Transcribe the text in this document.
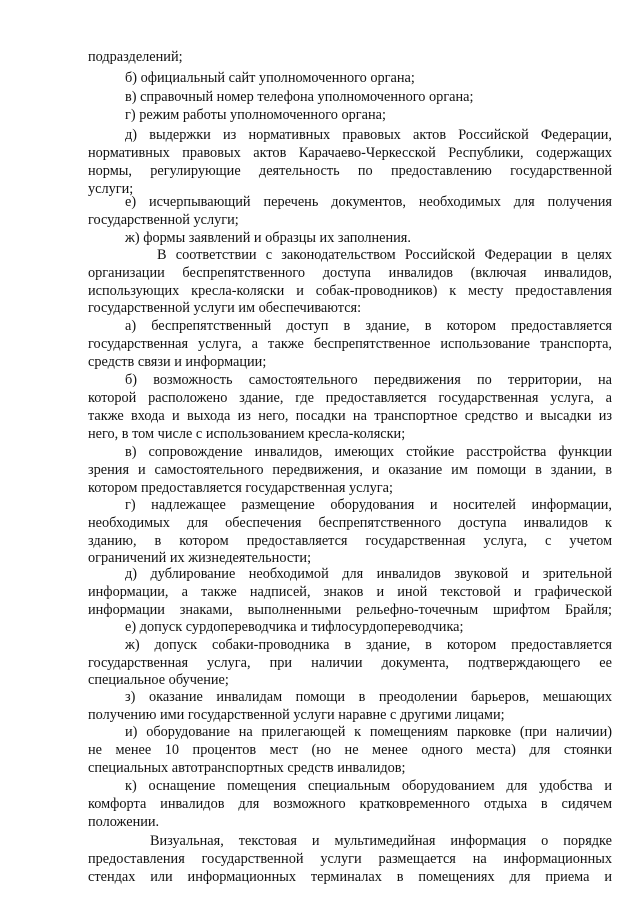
подразделений;
б) официальный сайт уполномоченного органа;
в) справочный номер телефона уполномоченного органа;
г) режим работы уполномоченного органа;
д) выдержки из нормативных правовых актов Российской Федерации,
нормативных правовых актов Карачаево-Черкесской Республики, содержащих
нормы, регулирующие деятельность по предоставлению государственной
услуги;
е) исчерпывающий перечень документов, необходимых для получения
государственной услуги;
ж) формы заявлений и образцы их заполнения.
В соответствии с законодательством Российской Федерации в целях
организации беспрепятственного доступа инвалидов (включая инвалидов,
использующих кресла-коляски и собак-проводников) к месту предоставления
государственной услуги им обеспечиваются:
а) беспрепятственный доступ в здание, в котором предоставляется
государственная услуга, а также беспрепятственное использование транспорта,
средств связи и информации;
б) возможность самостоятельного передвижения по территории, на
которой расположено здание, где предоставляется государственная услуга, а
также входа и выхода из него, посадки на транспортное средство и высадки из
него, в том числе с использованием кресла-коляски;
в) сопровождение инвалидов, имеющих стойкие расстройства функции
зрения и самостоятельного передвижения, и оказание им помощи в здании, в
котором предоставляется государственная услуга;
г) надлежащее размещение оборудования и носителей информации,
необходимых для обеспечения беспрепятственного доступа инвалидов к
зданию, в котором предоставляется государственная услуга, с учетом
ограничений их жизнедеятельности;
д) дублирование необходимой для инвалидов звуковой и зрительной
информации, а также надписей, знаков и иной текстовой и графической
информации знаками, выполненными рельефно-точечным шрифтом Брайля;
е) допуск сурдопереводчика и тифлосурдопереводчика;
ж) допуск собаки-проводника в здание, в котором предоставляется
государственная услуга, при наличии документа, подтверждающего ее
специальное обучение;
з) оказание инвалидам помощи в преодолении барьеров, мешающих
получению ими государственной услуги наравне с другими лицами;
и) оборудование на прилегающей к помещениям парковке (при наличии)
не менее 10 процентов мест (но не менее одного места) для стоянки
специальных автотранспортных средств инвалидов;
к) оснащение помещения специальным оборудованием для удобства и
комфорта инвалидов для возможного кратковременного отдыха в сидячем
положении.
Визуальная, текстовая и мультимедийная информация о порядке
предоставления государственной услуги размещается на информационных
стендах или информационных терминалах в помещениях для приема и
